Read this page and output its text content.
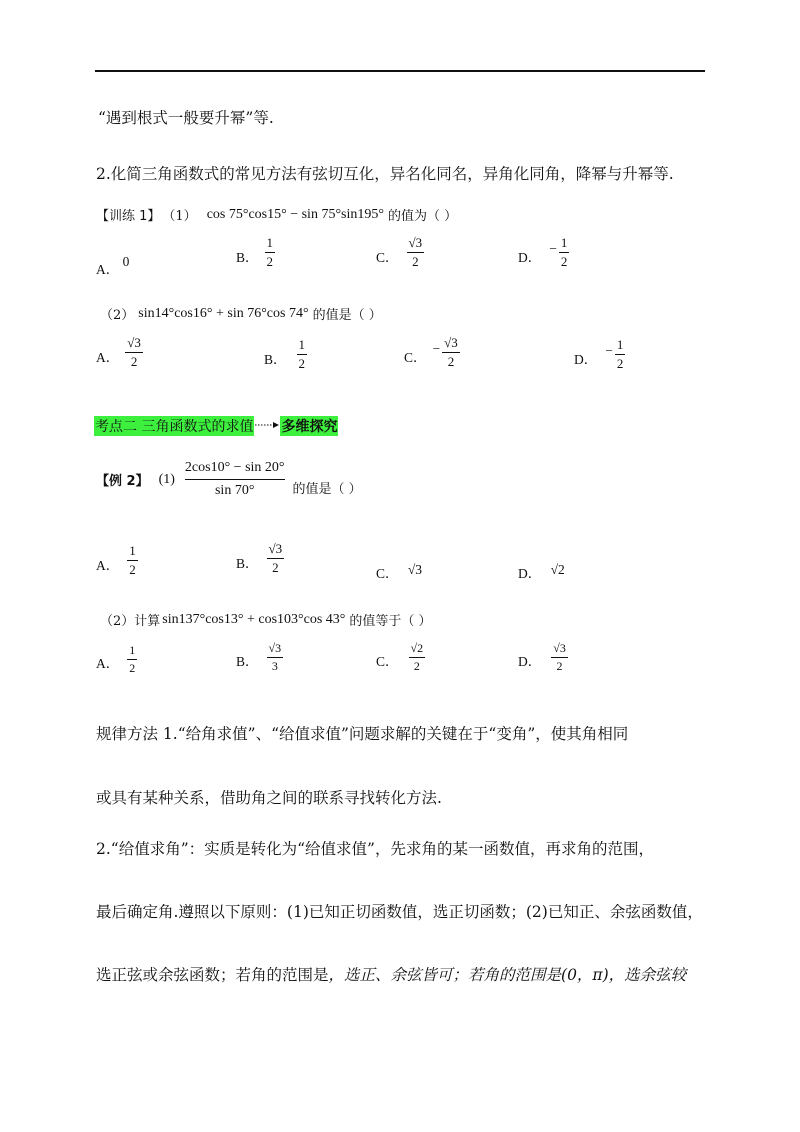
“遇到根式一般要升幂”等.
2.化简三角函数式的常见方法有弦切互化，异名化同名，异角化同角，降幂与升幂等.
【训练 1】 （1） cos 75°cos15° − sin 75°sin195° 的值为（ ）
A． 0	B． $\frac{1}{2}$	C． $\frac{√3}{2}$	D．
− $\frac{1}{2}$
（2） sin14°cos16° + sin 76°cos 74° 的值是（ ）
A． $\frac{√3}{2}$	B． $\frac{1}{2}$	C．
− $\frac{√3}{2}$	D．
− $\frac{1}{2}$
考点二 三角函数式的求值 多维探究
【例 2】 $(1) \frac{2\cos 10^\circ - \sin 20^\circ}{\sin 70^\circ}$ 的值是（ ）
A． $\frac{1}{2}$	B． $\frac{√3}{2}$	C． √3	D． √2
（2）计算 sin137°cos13° + cos103°cos 43° 的值等于（ ）
A． $\frac{1}{2}$	B． $\frac{√3}{3}$	C． $\frac{√2}{2}$	D． $\frac{√3}{2}$
规律方法 1.“给角求值”、“给值求值”问题求解的关键在于“变角”，使其角相同
或具有某种关系，借助角之间的联系寻找转化方法.
2.“给值求角”：实质是转化为“给值求值”，先求角的某一函数值，再求角的范围，
最后确定角.遵照以下原则：(1)已知正切函数值，选正切函数；(2)已知正、余弦函数值，
选正弦或余弦函数；若角的范围是，选正、余弦皆可；若角的范围是(0，π)，选余弦较
